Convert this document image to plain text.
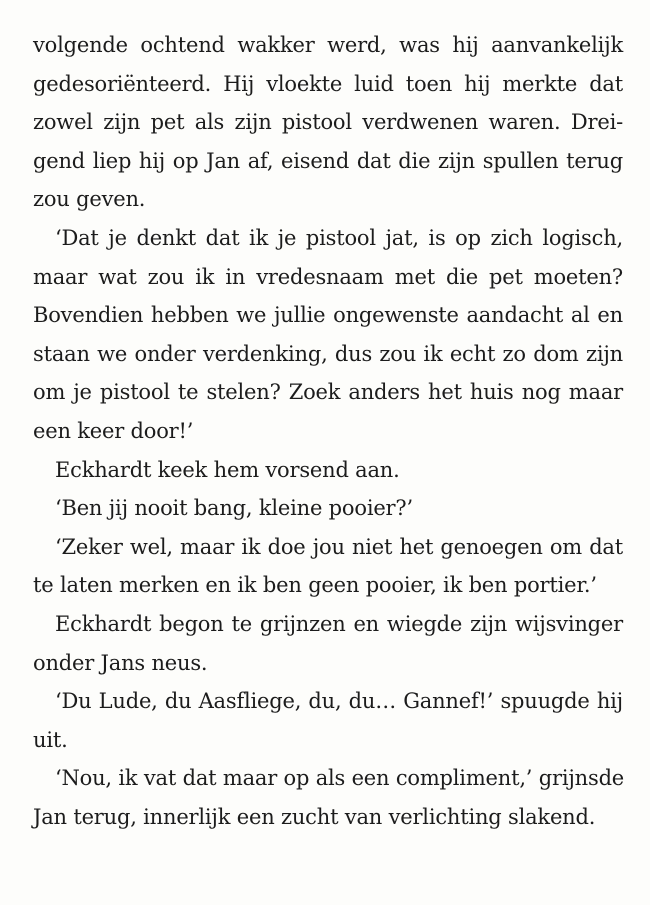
volgende ochtend wakker werd, was hij aanvankelijk
gedesoriënteerd. Hij vloekte luid toen hij merkte dat
zowel zijn pet als zijn pistool verdwenen waren. Drei-
gend liep hij op Jan af, eisend dat die zijn spullen terug
zou geven.
‘Dat je denkt dat ik je pistool jat, is op zich logisch,
maar wat zou ik in vredesnaam met die pet moeten?
Bovendien hebben we jullie ongewenste aandacht al en
staan we onder verdenking, dus zou ik echt zo dom zijn
om je pistool te stelen? Zoek anders het huis nog maar
een keer door!’
Eckhardt keek hem vorsend aan.
‘Ben jij nooit bang, kleine pooier?’
‘Zeker wel, maar ik doe jou niet het genoegen om dat
te laten merken en ik ben geen pooier, ik ben portier.’
Eckhardt begon te grijnzen en wiegde zijn wijsvinger
onder Jans neus.
‘Du Lude, du Aasfliege, du, du… Gannef!’ spuugde hij
uit.
‘Nou, ik vat dat maar op als een compliment,’ grijnsde
Jan terug, innerlijk een zucht van verlichting slakend.
